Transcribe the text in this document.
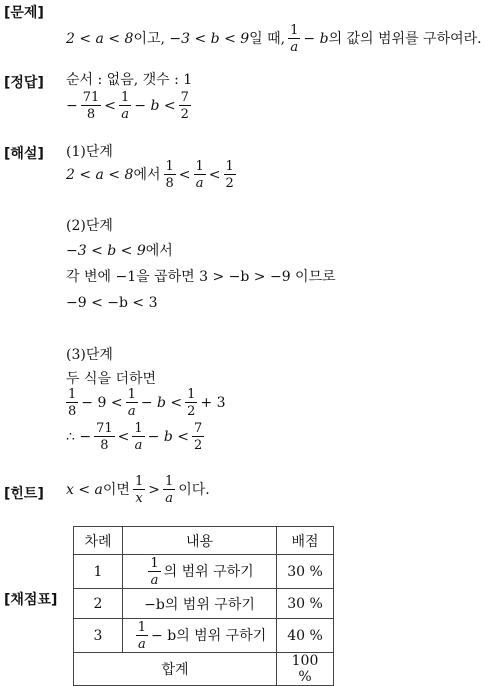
[문제]
2 < a < 8이고, −3 < b < 9일 때, $\frac{1}{a} - b$의 값의 범위를 구하여라.
[정답] 순서 : 없음, 갯수 : 1
− $\frac{71}{8} < \frac{1}{a} - b < \frac{7}{2}$
[해설] (1)단계
2 < a < 8에서 $\frac{1}{8} < \frac{1}{a} < \frac{1}{2}$
(2)단계
−3 < b < 9에서
각 변에 −1을 곱하면 3 > −b > −9 이므로
−9 < −b < 3
(3)단계
두 식을 더하면
$\frac{1}{8} - 9 < \frac{1}{a} - b < \frac{1}{2} + 3$
∴ − $\frac{71}{8} < \frac{1}{a} - b < \frac{7}{2}$
[힌트] x < a이면 $\frac{1}{x} > \frac{1}{a}$ 이다.
[채점표]
차례	내용	배점
1	$\frac{1}{a}$ 의 범위 구하기	30 %
2	−b의 범위 구하기	30 %
3	$\frac{1}{a} - b$의 범위 구하기	40 %
합계		100 %
